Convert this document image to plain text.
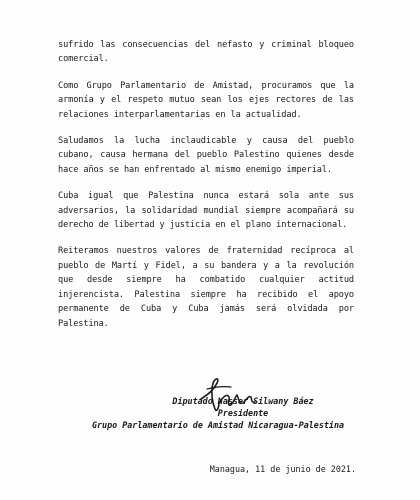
sufrido las consecuencias del nefasto y criminal bloqueo comercial.

Como Grupo Parlamentario de Amistad, procuramos que la armonía y el respeto mutuo sean los ejes rectores de las relaciones interparlamentarias en la actualidad.

Saludamos la lucha inclaudicable y causa del pueblo cubano, causa hermana del pueblo Palestino quienes desde hace años se han enfrentado al mismo enemigo imperial.

Cuba igual que Palestina nunca estará sola ante sus adversarios, la solidaridad mundial siempre acompañará su derecho de libertad y justicia en el plano internacional.

Reiteramos nuestros valores de fraternidad recíproca al pueblo de Martí y Fidel, a su bandera y a la revolución que desde siempre ha combatido cualquier actitud injerencista. Palestina siempre ha recibido el apoyo permanente de Cuba y Cuba jamás será olvidada por Palestina.

Diputado Nasser Silwany Báez
Presidente
Grupo Parlamentario de Amistad Nicaragua-Palestina
Managua, 11 de junio de 2021.
